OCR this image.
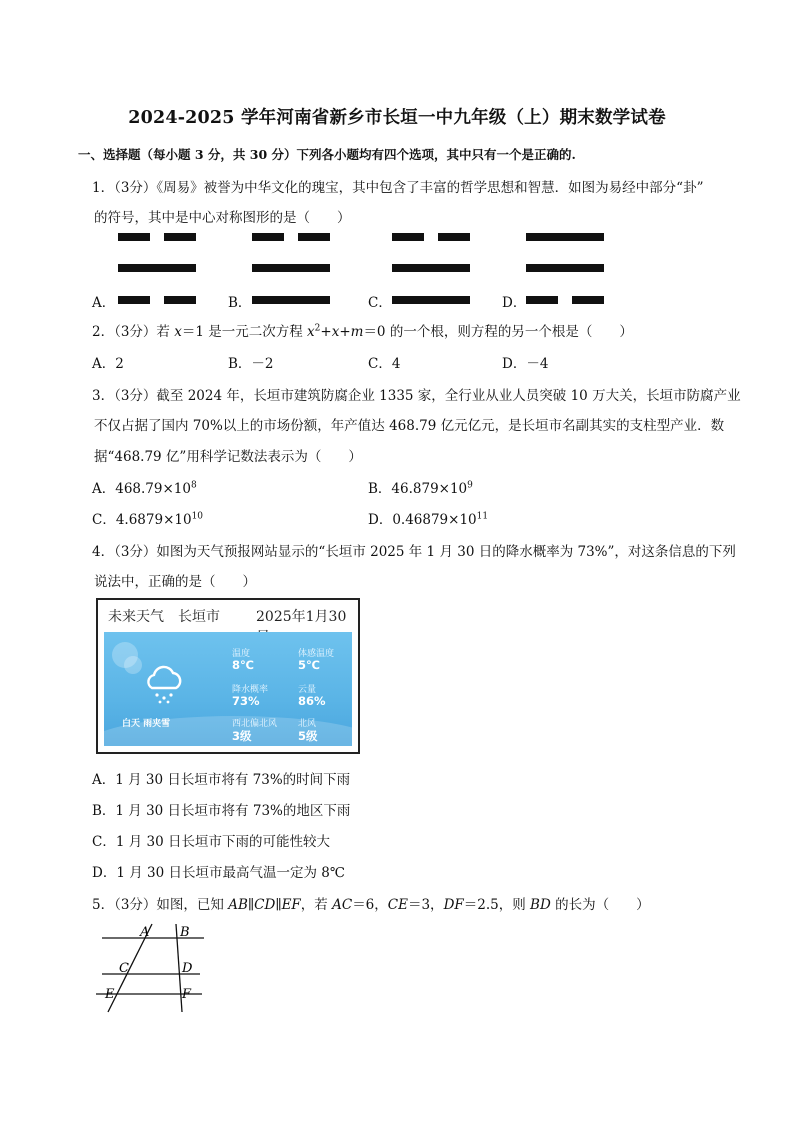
2024-2025 学年河南省新乡市长垣一中九年级（上）期末数学试卷
一、选择题（每小题 3 分，共 30 分）下列各小题均有四个选项，其中只有一个是正确的.
1．（3分）《周易》被誉为中华文化的瑰宝，其中包含了丰富的哲学思想和智慧．如图为易经中部分“卦”
的符号，其中是中心对称图形的是（　　）
A．	B．	C．	D．
2．（3分）若 x＝1 是一元二次方程 $x^2+x+m=0$ 的一个根，则方程的另一个根是（　　）
A．2	B．－2	C．4	D．－4
3．（3分）截至 2024 年，长垣市建筑防腐企业 1335 家，全行业从业人员突破 10 万大关，长垣市防腐产业
不仅占据了国内 70%以上的市场份额，年产值达 468.79 亿元亿元，是长垣市名副其实的支柱型产业．数
据“468.79 亿”用科学记数法表示为（　　）
A．$468.79\times 10^8$	B．$46.879\times 10^9$
C．$4.6879\times 10^{10}$	D．$0.46879\times 10^{11}$
4．（3分）如图为天气预报网站显示的“长垣市 2025 年 1 月 30 日的降水概率为 73%”，对这条信息的下列
说法中，正确的是（　　）
未来天气　长垣市	2025年1月30
白天 雨夹雪
温度
8℃
体感温度
5℃
降水概率
73%
云量
86%
西北偏北风
3级
北风
5级
A．1 月 30 日长垣市将有 73%的时间下雨
B．1 月 30 日长垣市将有 73%的地区下雨
C．1 月 30 日长垣市下雨的可能性较大
D．1 月 30 日长垣市最高气温一定为 8℃
5．（3分）如图，已知 AB∥CD∥EF，若 AC＝6，CE＝3，DF＝2.5，则 BD 的长为（　　）
A B
C	D
E	F
